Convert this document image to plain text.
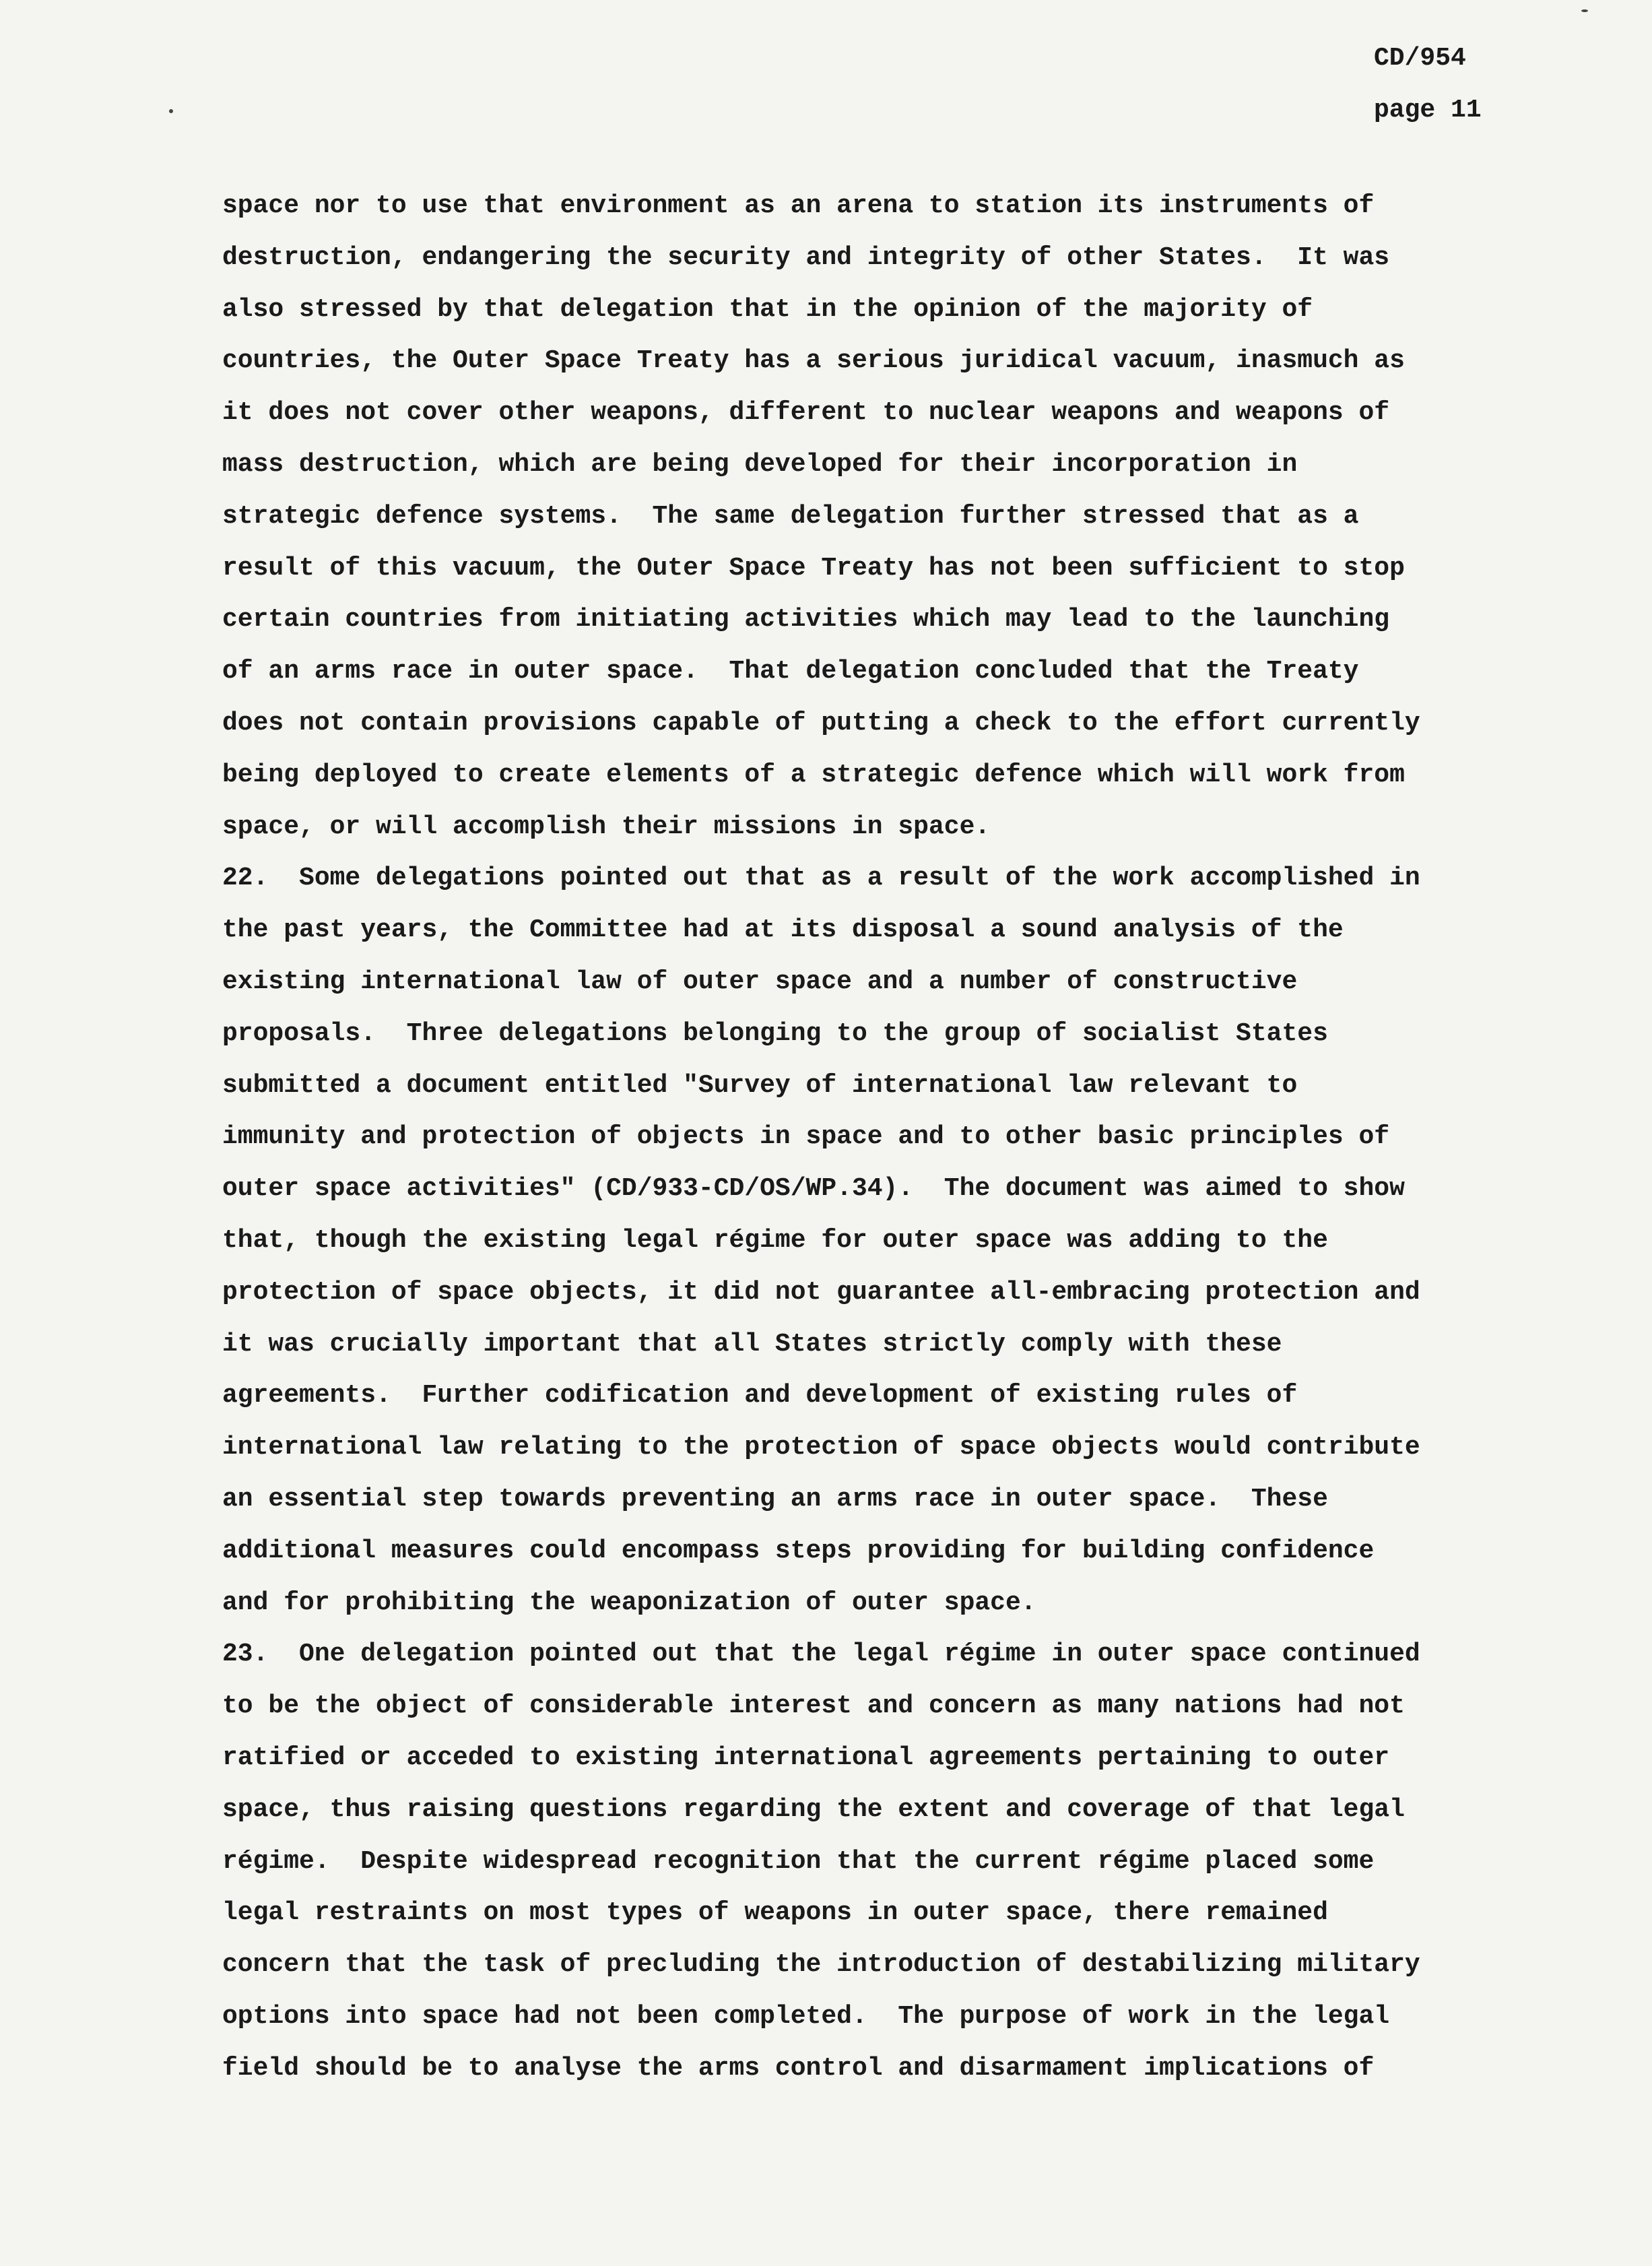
CD/954
page 11
space nor to use that environment as an arena to station its instruments of
destruction, endangering the security and integrity of other States.  It was
also stressed by that delegation that in the opinion of the majority of
countries, the Outer Space Treaty has a serious juridical vacuum, inasmuch as
it does not cover other weapons, different to nuclear weapons and weapons of
mass destruction, which are being developed for their incorporation in
strategic defence systems.  The same delegation further stressed that as a
result of this vacuum, the Outer Space Treaty has not been sufficient to stop
certain countries from initiating activities which may lead to the launching
of an arms race in outer space.  That delegation concluded that the Treaty
does not contain provisions capable of putting a check to the effort currently
being deployed to create elements of a strategic defence which will work from
space, or will accomplish their missions in space.
22.  Some delegations pointed out that as a result of the work accomplished in
the past years, the Committee had at its disposal a sound analysis of the
existing international law of outer space and a number of constructive
proposals.  Three delegations belonging to the group of socialist States
submitted a document entitled "Survey of international law relevant to
immunity and protection of objects in space and to other basic principles of
outer space activities" (CD/933-CD/OS/WP.34).  The document was aimed to show
that, though the existing legal régime for outer space was adding to the
protection of space objects, it did not guarantee all-embracing protection and
it was crucially important that all States strictly comply with these
agreements.  Further codification and development of existing rules of
international law relating to the protection of space objects would contribute
an essential step towards preventing an arms race in outer space.  These
additional measures could encompass steps providing for building confidence
and for prohibiting the weaponization of outer space.
23.  One delegation pointed out that the legal régime in outer space continued
to be the object of considerable interest and concern as many nations had not
ratified or acceded to existing international agreements pertaining to outer
space, thus raising questions regarding the extent and coverage of that legal
régime.  Despite widespread recognition that the current régime placed some
legal restraints on most types of weapons in outer space, there remained
concern that the task of precluding the introduction of destabilizing military
options into space had not been completed.  The purpose of work in the legal
field should be to analyse the arms control and disarmament implications of
